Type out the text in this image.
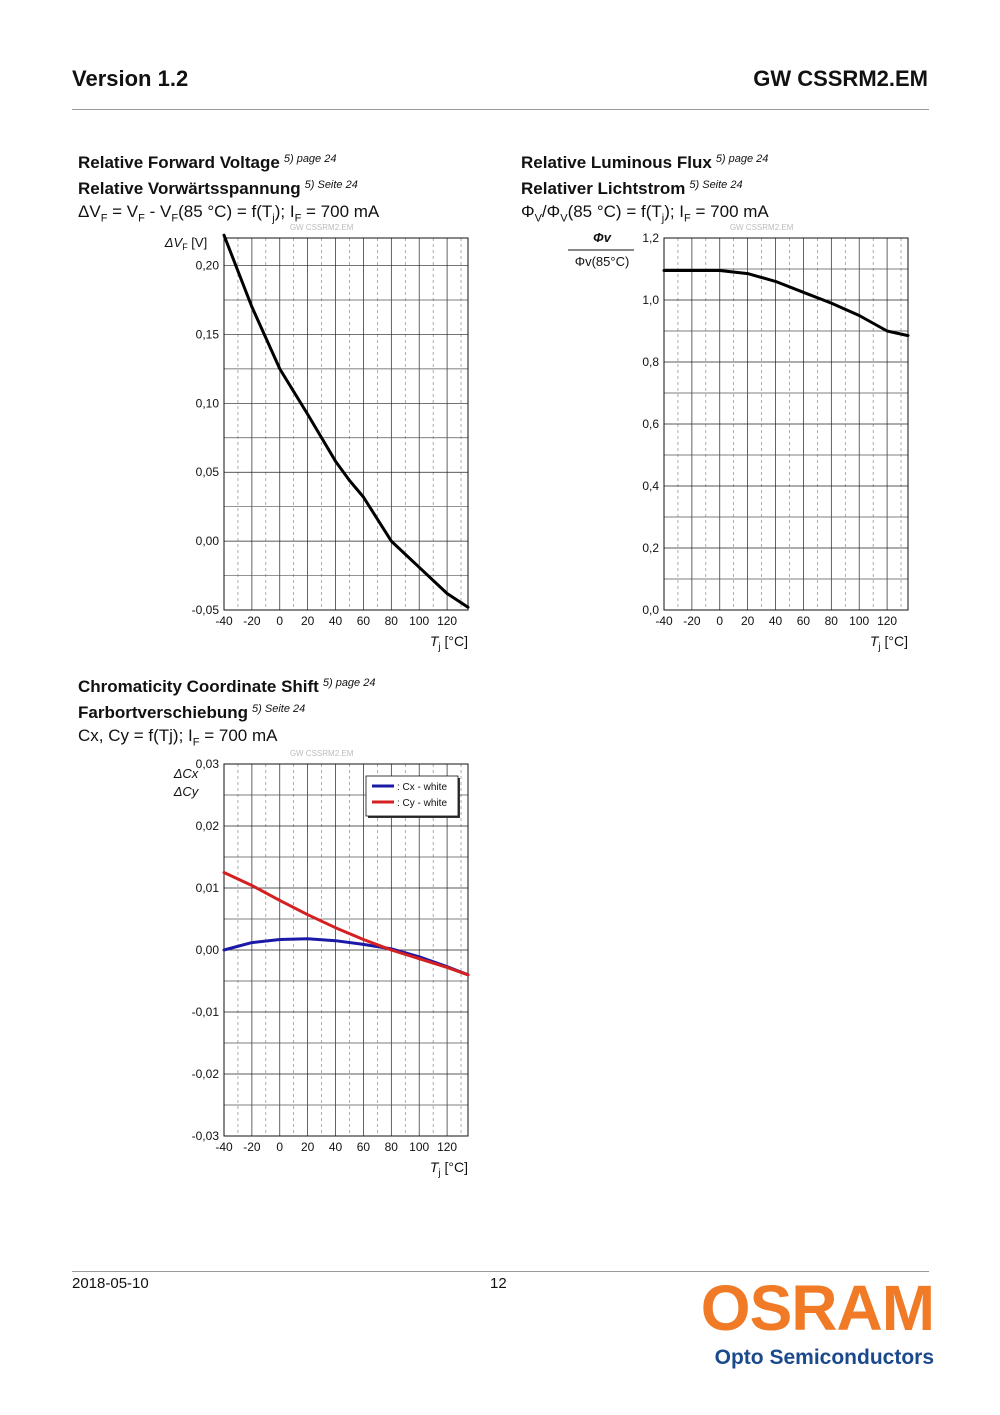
Version 1.2	GW CSSRM2.EM
Relative Forward Voltage $^{5) page 24}$
Relative Vorwärtsspannung $^{5) Seite 24}$
$\Delta V_F = V_F - V_F(85$ $^\circ C) = f(T_j)$; $I_F = 700$ mA
Relative Luminous Flux $^{5) page 24}$
Relativer Lichtstrom $^{5) Seite 24}$
$\Phi_V/\Phi_V(85$ $^\circ C) = f(T_j)$; $I_F = 700$ mA
Chromaticity Coordinate Shift $^{5) page 24}$
Farbortverschiebung $^{5) Seite 24}$
Cx, Cy = f(Tj); $I_F = 700$ mA
GW CSSRM2.EM
-40 -20 0 20 40 60 80 100 120
-0,05
0,00
0,05
0,10
0,15
0,20
$T_j$ [°C]
$\Delta V_F$ [V]
GW CSSRM2.EM
-40 -20 0 20 40 60 80 100 120
0,0
0,2
0,4
0,6
0,8
1,0
1,2
$T_j$ [°C]
Φv
Φv(85°C)
GW CSSRM2.EM
-40 -20 0 20 40 60 80 100 120
-0,03
-0,02
-0,01
0,00
0,01
0,02
0,03
$T_j$ [°C]
ΔCx
ΔCy	: Cx - white
: Cy - white
2018-05-10	12	OSRAM
Opto Semiconductors
